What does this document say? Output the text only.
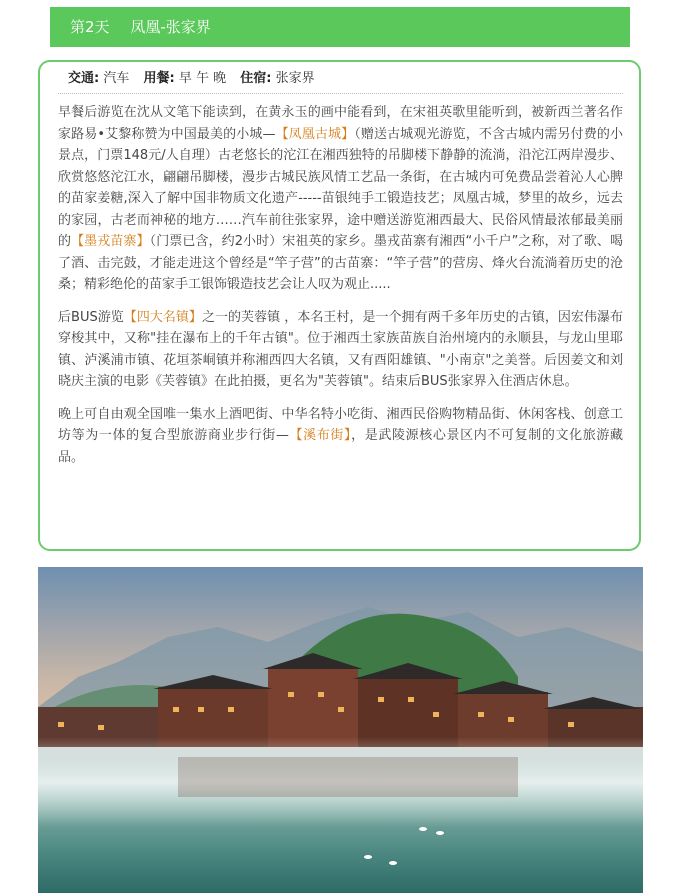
第2天 凤凰-张家界
交通: 汽车 用餐: 早 午 晚 住宿: 张家界

早餐后游览在沈从文笔下能读到，在黄永玉的画中能看到，在宋祖英歌里能听到，被新西兰著名作家路易•艾黎称赞为中国最美的小城—【凤凰古城】（赠送古城观光游览，不含古城内需另付费的小景点，门票148元/人自理）古老悠长的沱江在湘西独特的吊脚楼下静静的流淌，沿沱江两岸漫步、欣赏悠悠沱江水，翩翩吊脚楼，漫步古城民族风情工艺品一条街，在古城内可免费品尝着沁人心脾的苗家姜糖,深入了解中国非物质文化遗产-----苗银纯手工锻造技艺；凤凰古城，梦里的故乡，远去的家园，古老而神秘的地方……汽车前往张家界，途中赠送游览湘西最大、民俗风情最浓郁最美丽的【墨戎苗寨】（门票已含，约2小时）宋祖英的家乡。墨戎苗寨有湘西“小千户”之称，对了歌、喝了酒、击完鼓，才能走进这个曾经是“竿子营”的古苗寨：“竿子营”的营房、烽火台流淌着历史的沧桑；精彩绝伦的苗家手工银饰锻造技艺会让人叹为观止.....

后BUS游览【四大名镇】之一的芙蓉镇 ，本名王村，是一个拥有两千多年历史的古镇，因宏伟瀑布穿梭其中，又称"挂在瀑布上的千年古镇"。位于湘西土家族苗族自治州境内的永顺县，与龙山里耶镇、泸溪浦市镇、花垣茶峒镇并称湘西四大名镇，又有酉阳雄镇、"小南京"之美誉。后因姜文和刘晓庆主演的电影《芙蓉镇》在此拍摄，更名为"芙蓉镇"。结束后BUS张家界入住酒店休息。

晚上可自由观全国唯一集水上酒吧街、中华名特小吃街、湘西民俗购物精品街、休闲客栈、创意工坊等为一体的复合型旅游商业步行街—【溪布街】，是武陵源核心景区内不可复制的文化旅游藏品。
